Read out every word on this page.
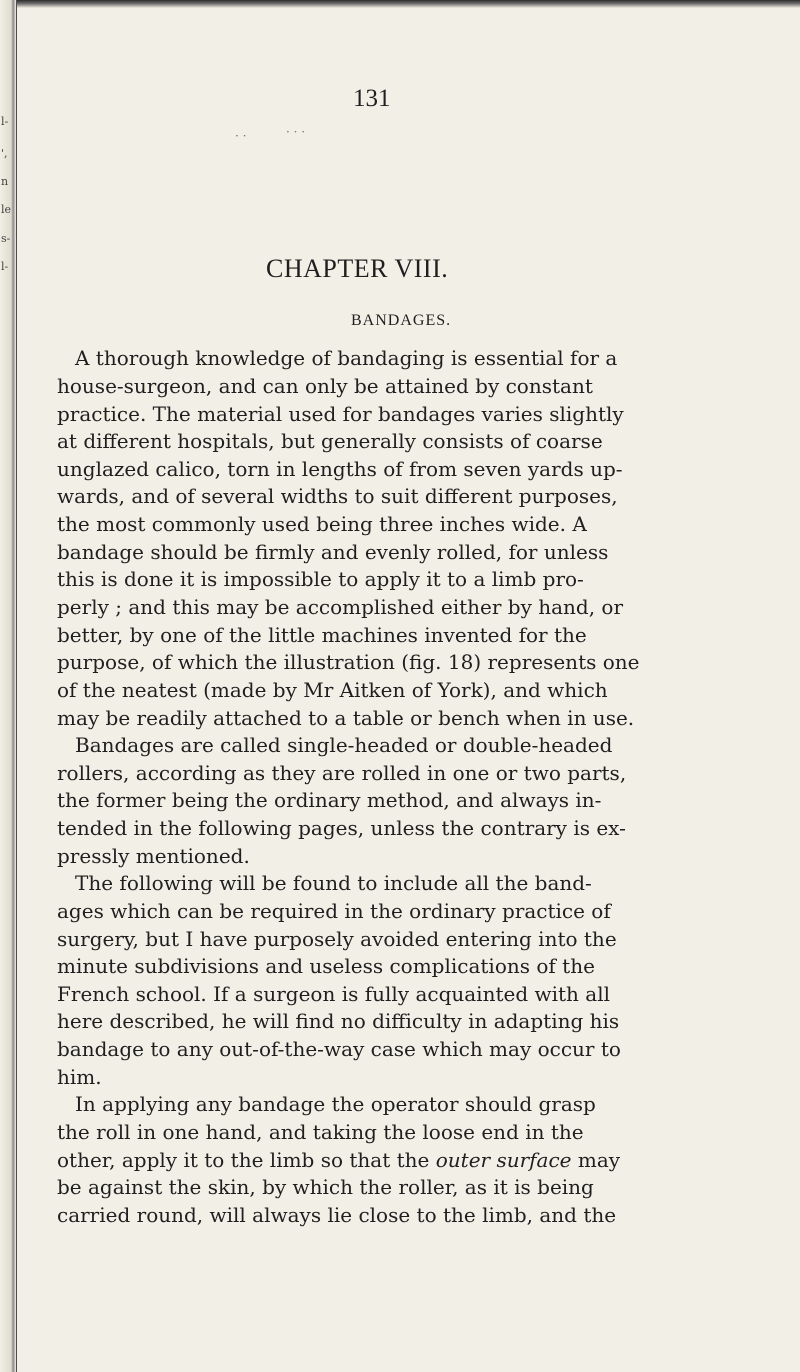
l-
',
n
le
s-
l-
· ·	· · ·
131
CHAPTER VIII.
BANDAGES.
A thorough knowledge of bandaging is essential for a
house-surgeon, and can only be attained by constant
practice. The material used for bandages varies slightly
at different hospitals, but generally consists of coarse
unglazed calico, torn in lengths of from seven yards up-
wards, and of several widths to suit different purposes,
the most commonly used being three inches wide. A
bandage should be firmly and evenly rolled, for unless
this is done it is impossible to apply it to a limb pro-
perly ; and this may be accomplished either by hand, or
better, by one of the little machines invented for the
purpose, of which the illustration (fig. 18) represents one
of the neatest (made by Mr Aitken of York), and which
may be readily attached to a table or bench when in use.
Bandages are called single-headed or double-headed
rollers, according as they are rolled in one or two parts,
the former being the ordinary method, and always in-
tended in the following pages, unless the contrary is ex-
pressly mentioned.
The following will be found to include all the band-
ages which can be required in the ordinary practice of
surgery, but I have purposely avoided entering into the
minute subdivisions and useless complications of the
French school. If a surgeon is fully acquainted with all
here described, he will find no difficulty in adapting his
bandage to any out-of-the-way case which may occur to
him.
In applying any bandage the operator should grasp
the roll in one hand, and taking the loose end in the
other, apply it to the limb so that the outer surface may
be against the skin, by which the roller, as it is being
carried round, will always lie close to the limb, and the
